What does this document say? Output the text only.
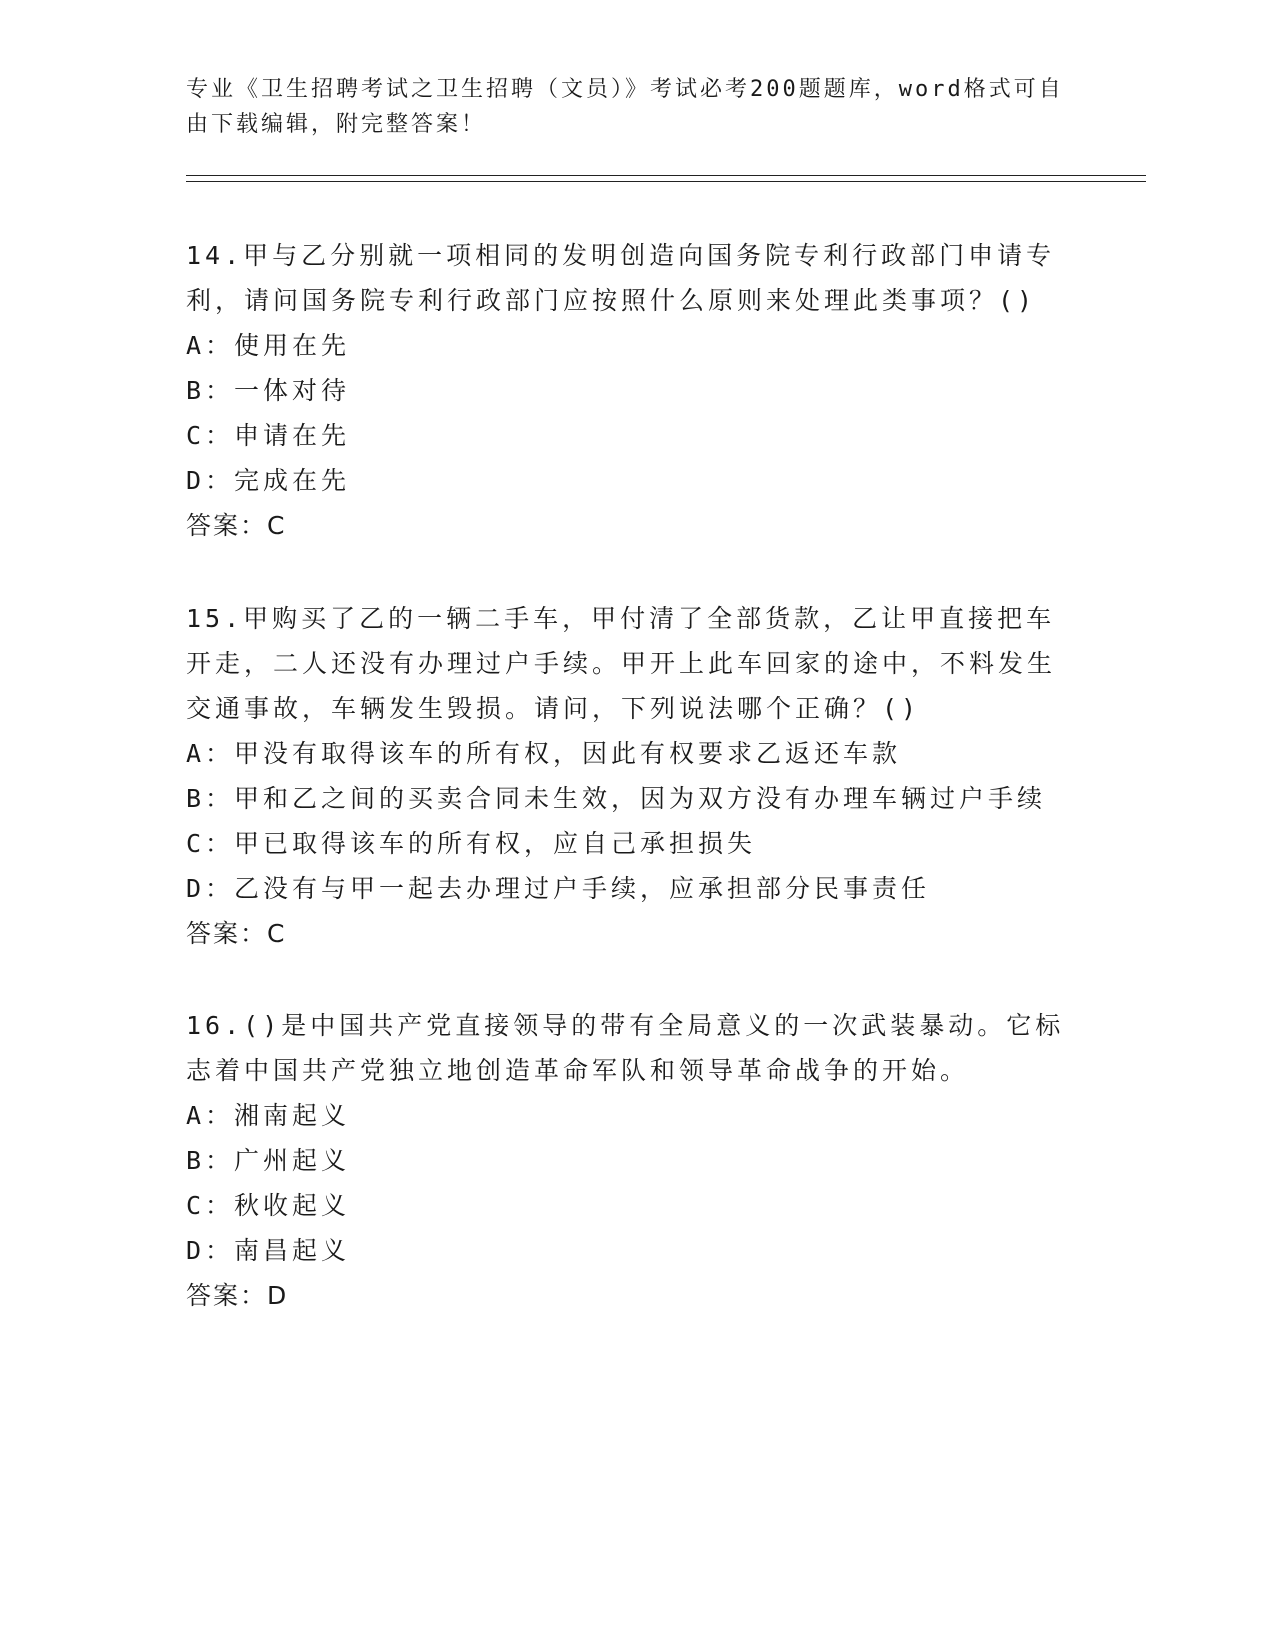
专业《卫生招聘考试之卫生招聘（文员）》考试必考200题题库，word格式可自由下载编辑，附完整答案！
14.甲与乙分别就一项相同的发明创造向国务院专利行政部门申请专利，请问国务院专利行政部门应按照什么原则来处理此类事项？()
A：使用在先
B：一体对待
C：申请在先
D：完成在先
答案：C
15.甲购买了乙的一辆二手车，甲付清了全部货款，乙让甲直接把车开走，二人还没有办理过户手续。甲开上此车回家的途中，不料发生交通事故，车辆发生毁损。请问，下列说法哪个正确？()
A：甲没有取得该车的所有权，因此有权要求乙返还车款
B：甲和乙之间的买卖合同未生效，因为双方没有办理车辆过户手续
C：甲已取得该车的所有权，应自己承担损失
D：乙没有与甲一起去办理过户手续，应承担部分民事责任
答案：C
16.()是中国共产党直接领导的带有全局意义的一次武装暴动。它标志着中国共产党独立地创造革命军队和领导革命战争的开始。
A：湘南起义
B：广州起义
C：秋收起义
D：南昌起义
答案：D
